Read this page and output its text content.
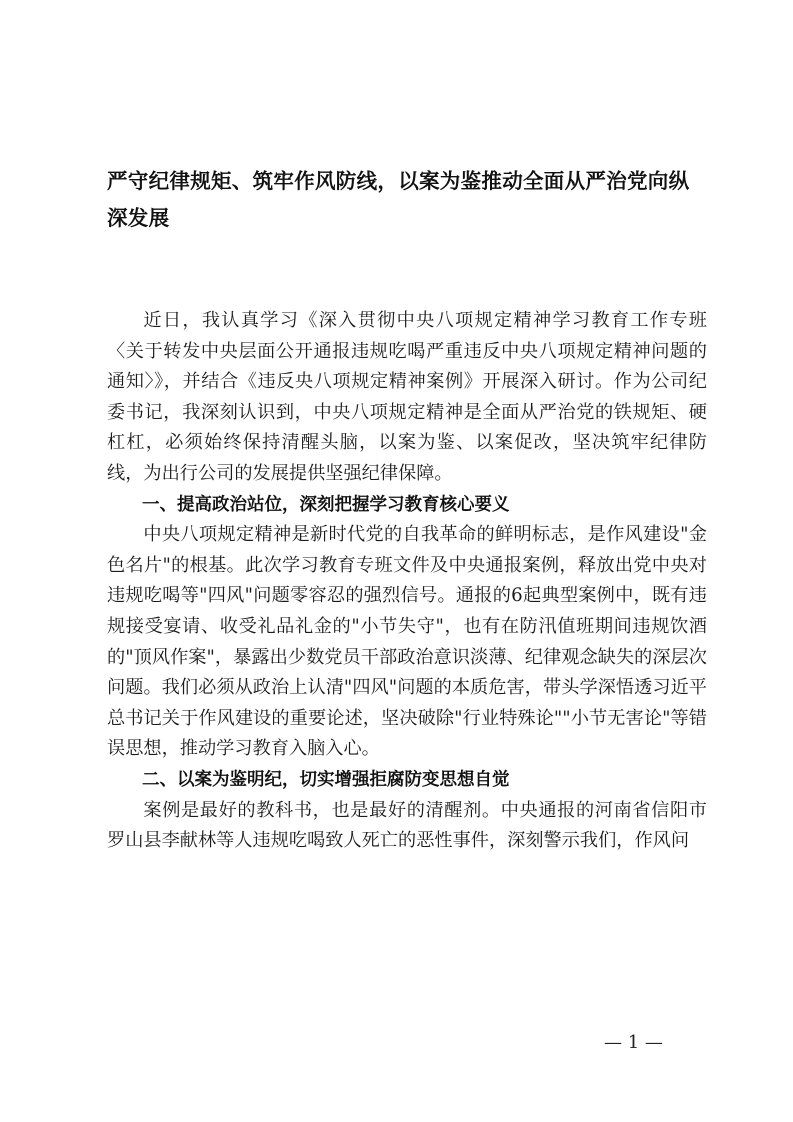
严守纪律规矩、筑牢作风防线，以案为鉴推动全面从严治党向纵深发展

近日，我认真学习《深入贯彻中央八项规定精神学习教育工作专班〈关于转发中央层面公开通报违规吃喝严重违反中央八项规定精神问题的通知〉》，并结合《违反央八项规定精神案例》开展深入研讨。作为公司纪委书记，我深刻认识到，中央八项规定精神是全面从严治党的铁规矩、硬杠杠，必须始终保持清醒头脑，以案为鉴、以案促改，坚决筑牢纪律防线，为出行公司的发展提供坚强纪律保障。

一、提高政治站位，深刻把握学习教育核心要义

中央八项规定精神是新时代党的自我革命的鲜明标志，是作风建设"金色名片"的根基。此次学习教育专班文件及中央通报案例，释放出党中央对违规吃喝等"四风"问题零容忍的强烈信号。通报的6起典型案例中，既有违规接受宴请、收受礼品礼金的"小节失守"，也有在防汛值班期间违规饮酒的"顶风作案"，暴露出少数党员干部政治意识淡薄、纪律观念缺失的深层次问题。我们必须从政治上认清"四风"问题的本质危害，带头学深悟透习近平总书记关于作风建设的重要论述，坚决破除"行业特殊论""小节无害论"等错误思想，推动学习教育入脑入心。

二、以案为鉴明纪，切实增强拒腐防变思想自觉

案例是最好的教科书，也是最好的清醒剂。中央通报的河南省信阳市罗山县李献林等人违规吃喝致人死亡的恶性事件，深刻警示我们，作风问

— 1 —
